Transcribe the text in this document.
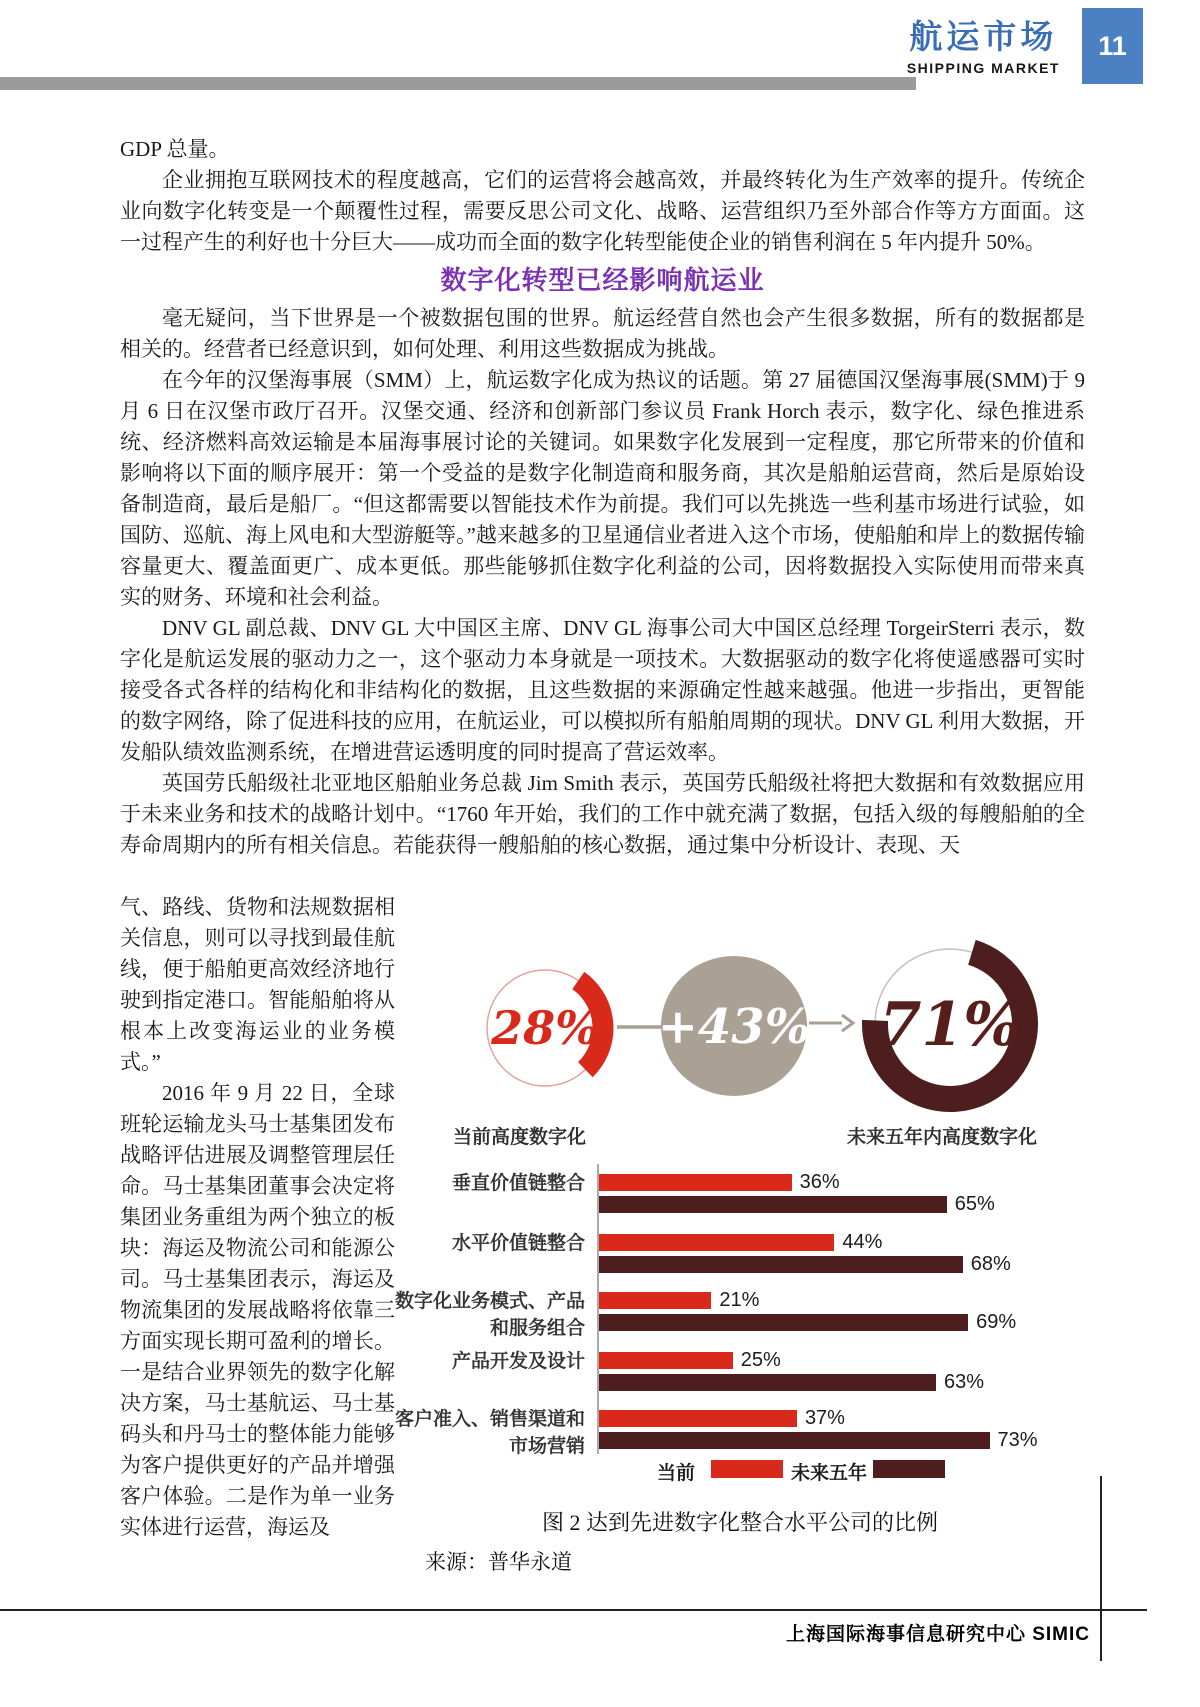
航运市场
SHIPPING MARKET
11

GDP 总量。

企业拥抱互联网技术的程度越高，它们的运营将会越高效，并最终转化为生产效率的提升。传统企业向数字化转变是一个颠覆性过程，需要反思公司文化、战略、运营组织乃至外部合作等方方面面。这一过程产生的利好也十分巨大——成功而全面的数字化转型能使企业的销售利润在 5 年内提升 50%。

数字化转型已经影响航运业

毫无疑问，当下世界是一个被数据包围的世界。航运经营自然也会产生很多数据，所有的数据都是相关的。经营者已经意识到，如何处理、利用这些数据成为挑战。

在今年的汉堡海事展（SMM）上，航运数字化成为热议的话题。第 27 届德国汉堡海事展(SMM)于 9 月 6 日在汉堡市政厅召开。汉堡交通、经济和创新部门参议员 Frank Horch 表示，数字化、绿色推进系统、经济燃料高效运输是本届海事展讨论的关键词。如果数字化发展到一定程度，那它所带来的价值和影响将以下面的顺序展开：第一个受益的是数字化制造商和服务商，其次是船舶运营商，然后是原始设备制造商，最后是船厂。“但这都需要以智能技术作为前提。我们可以先挑选一些利基市场进行试验，如国防、巡航、海上风电和大型游艇等。”越来越多的卫星通信业者进入这个市场，使船舶和岸上的数据传输容量更大、覆盖面更广、成本更低。那些能够抓住数字化利益的公司，因将数据投入实际使用而带来真实的财务、环境和社会利益。

DNV GL 副总裁、DNV GL 大中国区主席、DNV GL 海事公司大中国区总经理 TorgeirSterri 表示，数字化是航运发展的驱动力之一，这个驱动力本身就是一项技术。大数据驱动的数字化将使遥感器可实时接受各式各样的结构化和非结构化的数据，且这些数据的来源确定性越来越强。他进一步指出，更智能的数字网络，除了促进科技的应用，在航运业，可以模拟所有船舶周期的现状。DNV GL 利用大数据，开发船队绩效监测系统，在增进营运透明度的同时提高了营运效率。

英国劳氏船级社北亚地区船舶业务总裁 Jim Smith 表示，英国劳氏船级社将把大数据和有效数据应用于未来业务和技术的战略计划中。“1760 年开始，我们的工作中就充满了数据，包括入级的每艘船舶的全寿命周期内的所有相关信息。若能获得一艘船舶的核心数据，通过集中分析设计、表现、天

气、路线、货物和法规数据相关信息，则可以寻找到最佳航线，便于船舶更高效经济地行驶到指定港口。智能船舶将从根本上改变海运业的业务模式。”

2016 年 9 月 22 日，全球班轮运输龙头马士基集团发布战略评估进展及调整管理层任命。马士基集团董事会决定将集团业务重组为两个独立的板块：海运及物流公司和能源公司。马士基集团表示，海运及物流集团的发展战略将依靠三方面实现长期可盈利的增长。一是结合业界领先的数字化解决方案，马士基航运、马士基码头和丹马士的整体能力能够为客户提供更好的产品并增强客户体验。二是作为单一业务实体进行运营，海运及

28% +43% 71%
当前高度数字化	未来五年内高度数字化
垂直价值链整合	36%
65%
水平价值链整合	44%
68%
数字化业务模式、产品和服务组合
21%
69%
产品开发及设计	25%
63%
客户准入、销售渠道和市场营销
37%
73%
当前	未来五年
图 2 达到先进数字化整合水平公司的比例
来源：普华永道
上海国际海事信息研究中心 SIMIC
